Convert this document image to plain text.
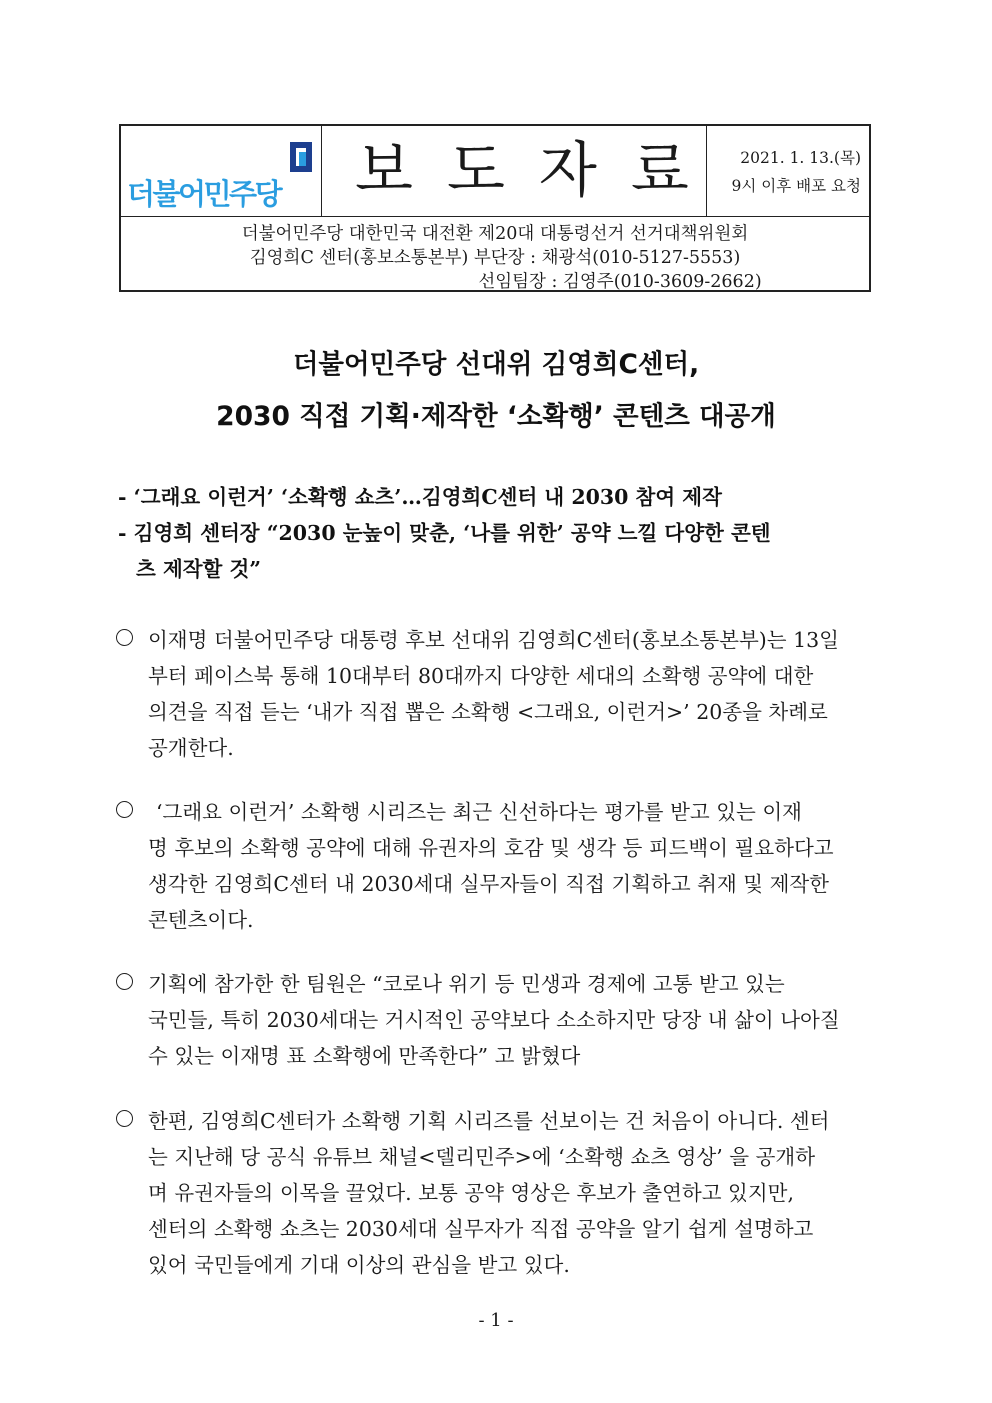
더불어민주당	보도자료 2021. 1. 13.(목)
9시 이후 배포 요청
더불어민주당 대한민국 대전환 제20대 대통령선거 선거대책위원회
김영희C 센터(홍보소통본부) 부단장 : 채광석(010-5127-5553)
선임팀장 : 김영주(010-3609-2662)
더불어민주당 선대위 김영희C센터,
2030 직접 기획·제작한 ‘소확행’ 콘텐츠 대공개
- ‘그래요 이런거’ ‘소확행 쇼츠’…김영희C센터 내 2030 참여 제작
- 김영희 센터장 “2030 눈높이 맞춘, ‘나를 위한’ 공약 느낄 다양한 콘텐
츠 제작할 것”
이재명 더불어민주당 대통령 후보 선대위 김영희C센터(홍보소통본부)는 13일
부터 페이스북 통해 10대부터 80대까지 다양한 세대의 소확행 공약에 대한
의견을 직접 듣는 ‘내가 직접 뽑은 소확행 <그래요, 이런거>’ 20종을 차례로
공개한다.
‘그래요 이런거’ 소확행 시리즈는 최근 신선하다는 평가를 받고 있는 이재
명 후보의 소확행 공약에 대해 유권자의 호감 및 생각 등 피드백이 필요하다고
생각한 김영희C센터 내 2030세대 실무자들이 직접 기획하고 취재 및 제작한
콘텐츠이다.
기획에 참가한 한 팀원은 “코로나 위기 등 민생과 경제에 고통 받고 있는
국민들, 특히 2030세대는 거시적인 공약보다 소소하지만 당장 내 삶이 나아질
수 있는 이재명 표 소확행에 만족한다” 고 밝혔다
한편, 김영희C센터가 소확행 기획 시리즈를 선보이는 건 처음이 아니다. 센터
는 지난해 당 공식 유튜브 채널<델리민주>에 ‘소확행 쇼츠 영상’ 을 공개하
며 유권자들의 이목을 끌었다. 보통 공약 영상은 후보가 출연하고 있지만,
센터의 소확행 쇼츠는 2030세대 실무자가 직접 공약을 알기 쉽게 설명하고
있어 국민들에게 기대 이상의 관심을 받고 있다.
- 1 -
